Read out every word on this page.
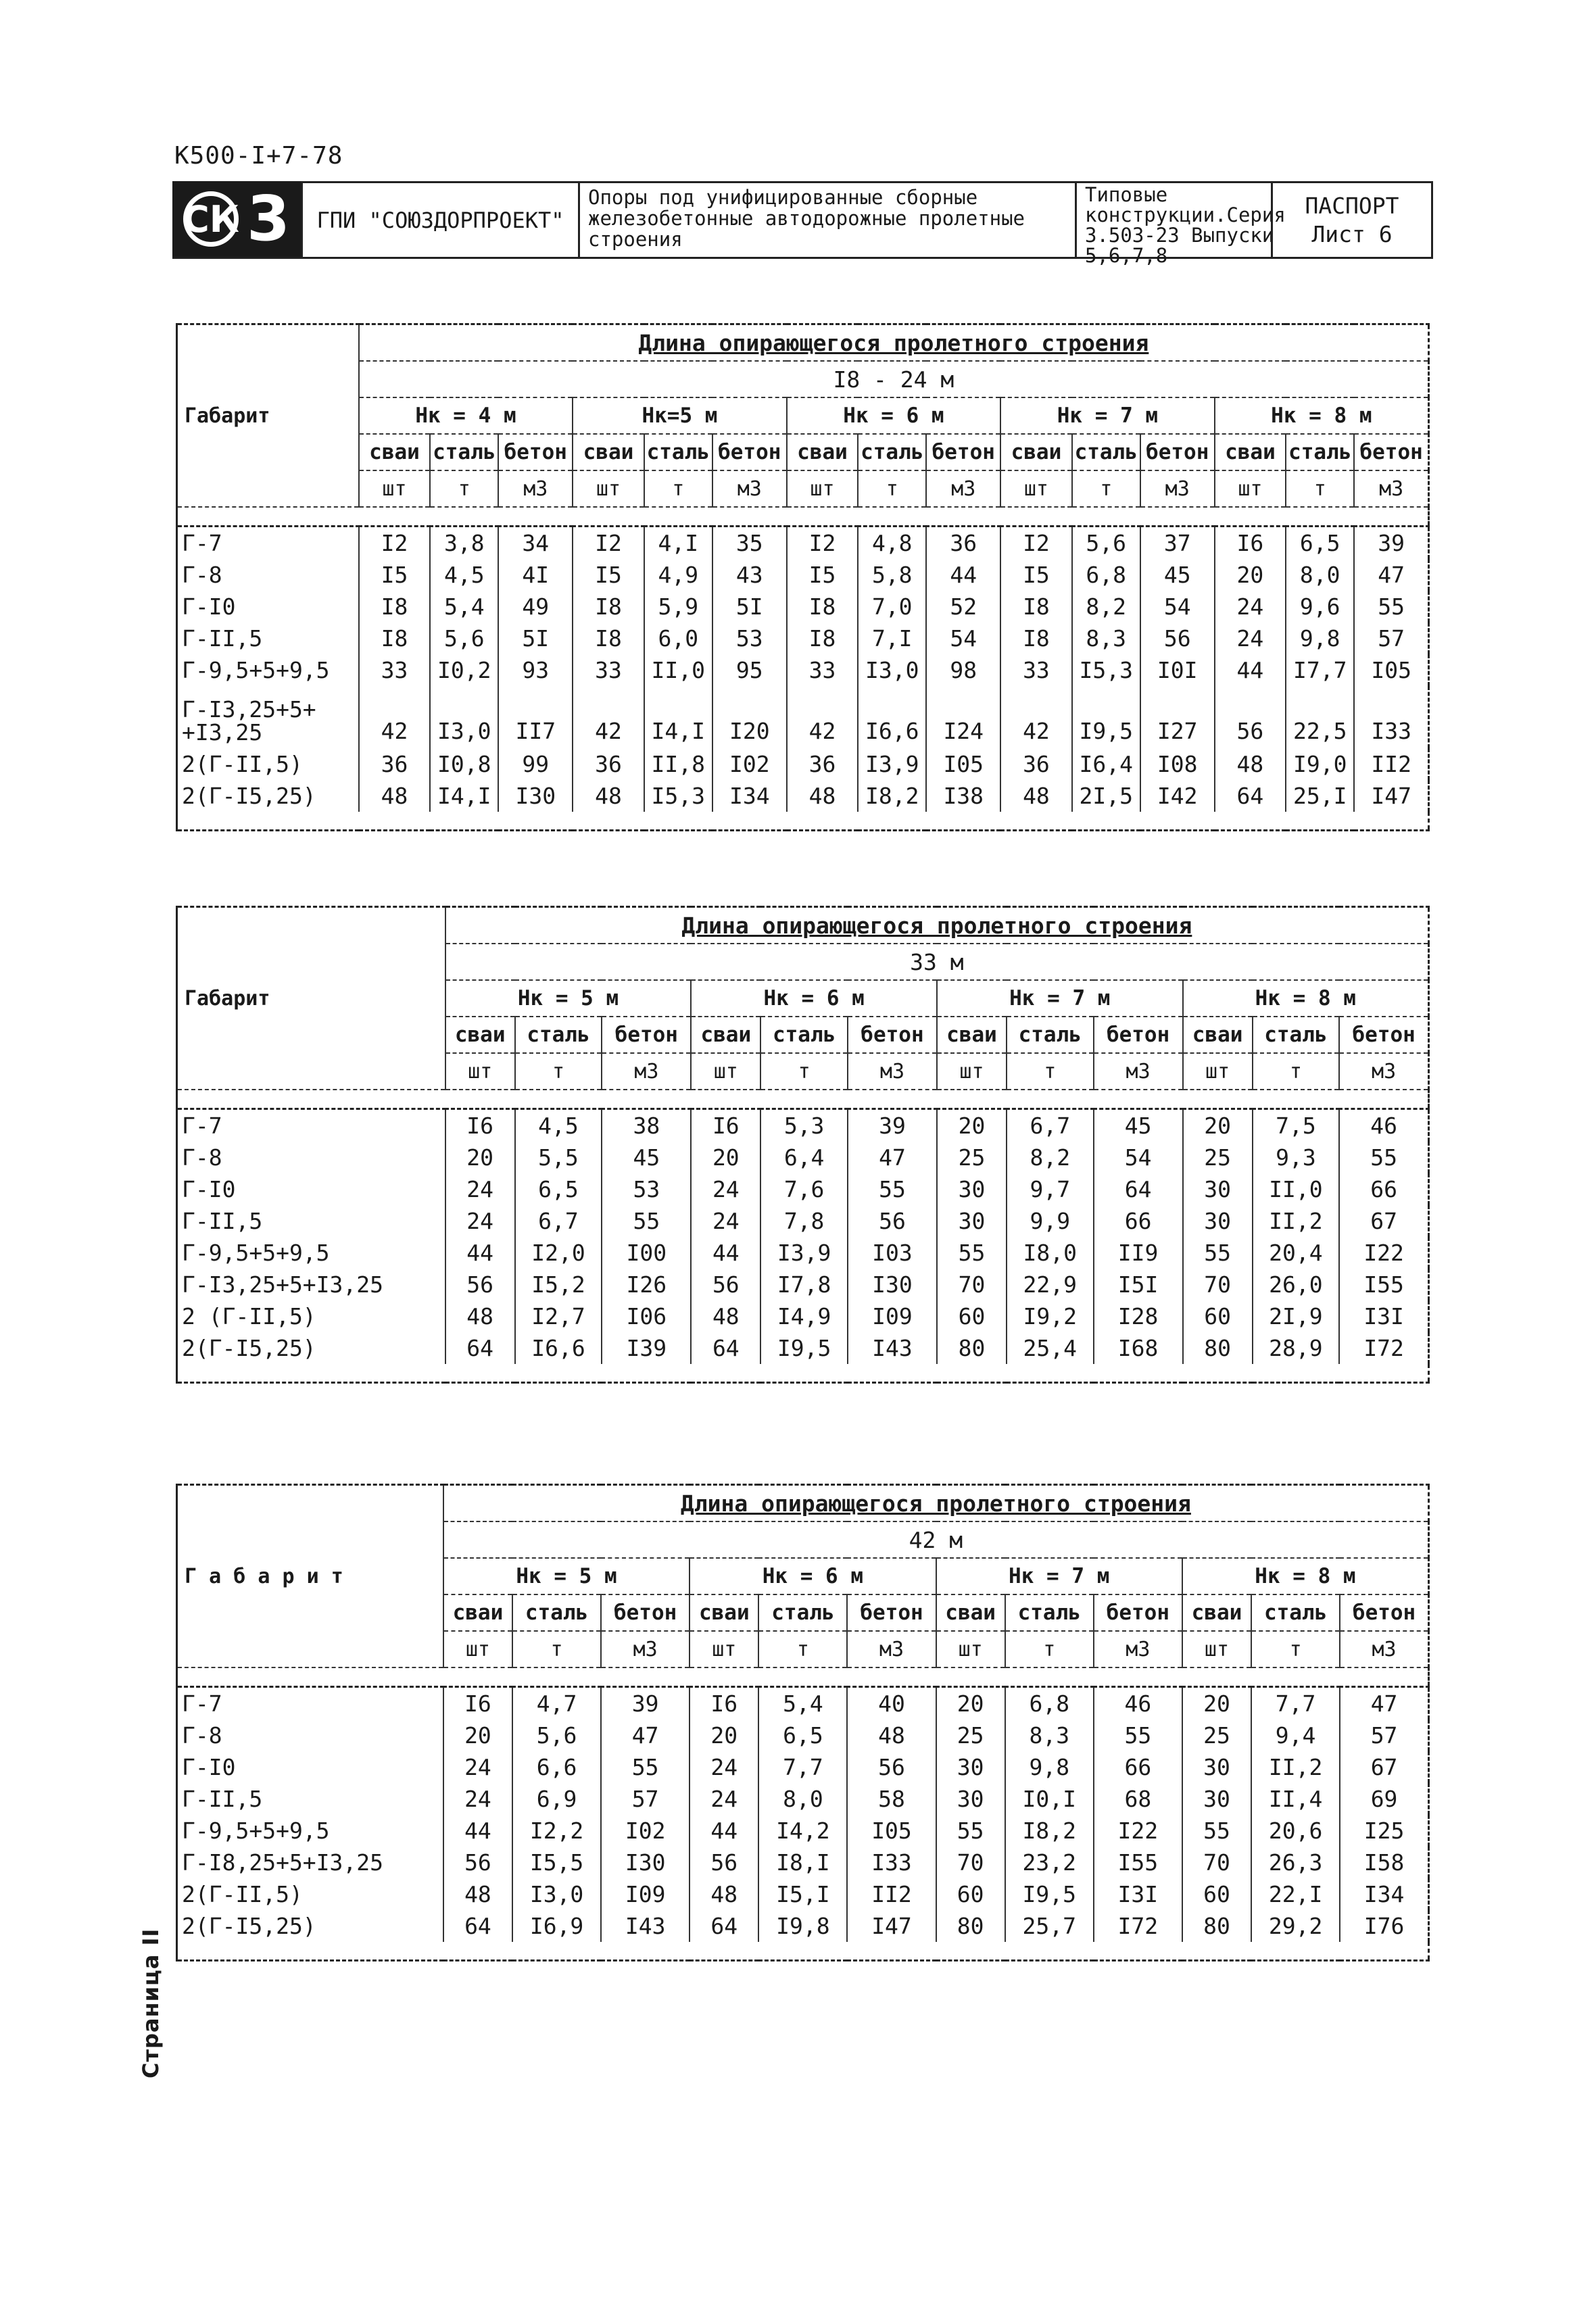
К500-I+7-78
СК 3	ГПИ "СОЮЗДОРПРОЕКТ"
Опоры под унифицированные сборные железобетонные автодорожные пролетные строения
Типовые конструкции.Серия 3.503-23 Выпуски 5,6,7,8
ПАСПОРТ
Лист 6
Габарит	Длина опирающегося пролетного строения														
	I8 - 24 м														
	Нк = 4 м			Нк=5 м			Нк = 6 м			Нк = 7 м			Нк = 8 м		
	сваи	сталь	бетон	сваи	сталь	бетон	сваи	сталь	бетон	сваи	сталь	бетон	сваи	сталь	бетон
	шт	т	м3	шт	т	м3	шт	т	м3	шт	т	м3	шт	т	м3

Г-7	I2	3,8	34	I2	4,I	35	I2	4,8	36	I2	5,6	37	I6	6,5	39
Г-8	I5	4,5	4I	I5	4,9	43	I5	5,8	44	I5	6,8	45	20	8,0	47
Г-I0	I8	5,4	49	I8	5,9	5I	I8	7,0	52	I8	8,2	54	24	9,6	55
Г-II,5	I8	5,6	5I	I8	6,0	53	I8	7,I	54	I8	8,3	56	24	9,8	57
Г-9,5+5+9,5	33	I0,2	93	33	II,0	95	33	I3,0	98	33	I5,3	I0I	44	I7,7	I05
Г-I3,25+5+ +I3,25	42	I3,0	II7	42	I4,I	I20	42	I6,6	I24	42	I9,5	I27	56	22,5	I33
2(Г-II,5)	36	I0,8	99	36	II,8	I02	36	I3,9	I05	36	I6,4	I08	48	I9,0	II2
2(Г-I5,25)	48	I4,I	I30	48	I5,3	I34	48	I8,2	I38	48	2I,5	I42	64	25,I	I47

Габарит	Длина опирающегося пролетного строения											
	33 м											
	Нк = 5 м			Нк = 6 м			Нк = 7 м			Нк = 8 м		
	сваи	сталь	бетон	сваи	сталь	бетон	сваи	сталь	бетон	сваи	сталь	бетон
	шт	т	м3	шт	т	м3	шт	т	м3	шт	т	м3

Г-7	I6	4,5	38	I6	5,3	39	20	6,7	45	20	7,5	46
Г-8	20	5,5	45	20	6,4	47	25	8,2	54	25	9,3	55
Г-I0	24	6,5	53	24	7,6	55	30	9,7	64	30	II,0	66
Г-II,5	24	6,7	55	24	7,8	56	30	9,9	66	30	II,2	67
Г-9,5+5+9,5	44	I2,0	I00	44	I3,9	I03	55	I8,0	II9	55	20,4	I22
Г-I3,25+5+I3,25	56	I5,2	I26	56	I7,8	I30	70	22,9	I5I	70	26,0	I55
2 (Г-II,5)	48	I2,7	I06	48	I4,9	I09	60	I9,2	I28	60	2I,9	I3I
2(Г-I5,25)	64	I6,6	I39	64	I9,5	I43	80	25,4	I68	80	28,9	I72

Г а б а р и т	Длина опирающегося пролетного строения											
	42 м											
	Нк = 5 м			Нк = 6 м			Нк = 7 м			Нк = 8 м		
	сваи	сталь	бетон	сваи	сталь	бетон	сваи	сталь	бетон	сваи	сталь	бетон
	шт	т	м3	шт	т	м3	шт	т	м3	шт	т	м3

Г-7	I6	4,7	39	I6	5,4	40	20	6,8	46	20	7,7	47
Г-8	20	5,6	47	20	6,5	48	25	8,3	55	25	9,4	57
Г-I0	24	6,6	55	24	7,7	56	30	9,8	66	30	II,2	67
Г-II,5	24	6,9	57	24	8,0	58	30	I0,I	68	30	II,4	69
Г-9,5+5+9,5	44	I2,2	I02	44	I4,2	I05	55	I8,2	I22	55	20,6	I25
Г-I8,25+5+I3,25	56	I5,5	I30	56	I8,I	I33	70	23,2	I55	70	26,3	I58
2(Г-II,5)	48	I3,0	I09	48	I5,I	II2	60	I9,5	I3I	60	22,I	I34
2(Г-I5,25)	64	I6,9	I43	64	I9,8	I47	80	25,7	I72	80	29,2	I76

Страница II
